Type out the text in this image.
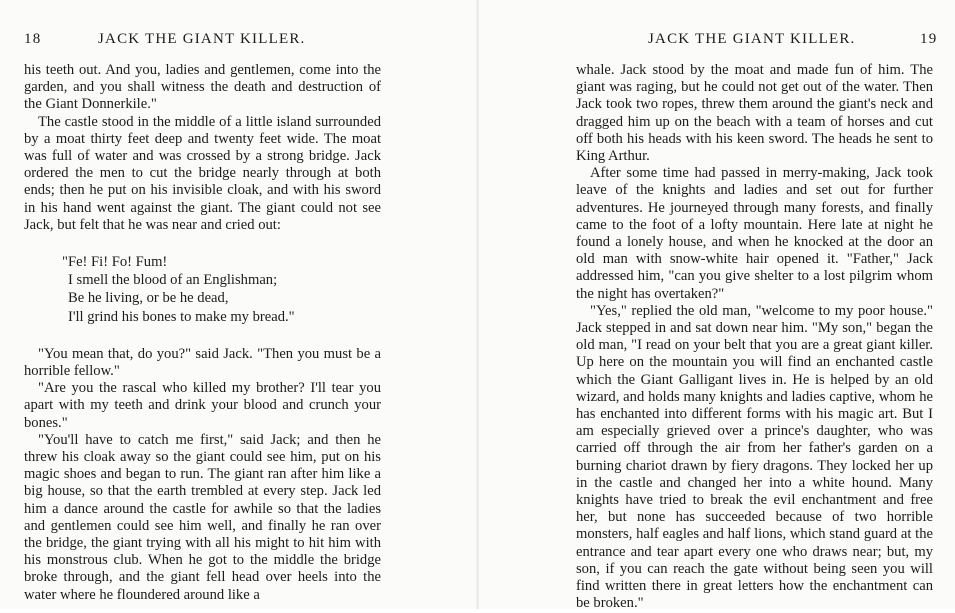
18	JACK THE GIANT KILLER.

his teeth out. And you, ladies and gentlemen, come into the garden, and you shall witness the death and destruction of the Giant Donnerkile."

The castle stood in the middle of a little island surrounded by a moat thirty feet deep and twenty feet wide. The moat was full of water and was crossed by a strong bridge. Jack ordered the men to cut the bridge nearly through at both ends; then he put on his invisible cloak, and with his sword in his hand went against the giant. The giant could not see Jack, but felt that he was near and cried out:

"Fe! Fi! Fo! Fum!
I smell the blood of an Englishman;
Be he living, or be he dead,
I'll grind his bones to make my bread."

"You mean that, do you?" said Jack. "Then you must be a horrible fellow."

"Are you the rascal who killed my brother? I'll tear you apart with my teeth and drink your blood and crunch your bones."

"You'll have to catch me first," said Jack; and then he threw his cloak away so the giant could see him, put on his magic shoes and began to run. The giant ran after him like a big house, so that the earth trembled at every step. Jack led him a dance around the castle for awhile so that the ladies and gentlemen could see him well, and finally he ran over the bridge, the giant trying with all his might to hit him with his monstrous club. When he got to the middle the bridge broke through, and the giant fell head over heels into the water where he floundered around like a

JACK THE GIANT KILLER.	19

whale. Jack stood by the moat and made fun of him. The giant was raging, but he could not get out of the water. Then Jack took two ropes, threw them around the giant's neck and dragged him up on the beach with a team of horses and cut off both his heads with his keen sword. The heads he sent to King Arthur.

After some time had passed in merry-making, Jack took leave of the knights and ladies and set out for further adventures. He journeyed through many forests, and finally came to the foot of a lofty mountain. Here late at night he found a lonely house, and when he knocked at the door an old man with snow-white hair opened it. "Father," Jack addressed him, "can you give shelter to a lost pilgrim whom the night has overtaken?"

"Yes," replied the old man, "welcome to my poor house." Jack stepped in and sat down near him. "My son," began the old man, "I read on your belt that you are a great giant killer. Up here on the mountain you will find an enchanted castle which the Giant Galligant lives in. He is helped by an old wizard, and holds many knights and ladies captive, whom he has enchanted into different forms with his magic art. But I am especially grieved over a prince's daughter, who was carried off through the air from her father's garden on a burning chariot drawn by fiery dragons. They locked her up in the castle and changed her into a white hound. Many knights have tried to break the evil enchantment and free her, but none has succeeded because of two horrible monsters, half eagles and half lions, which stand guard at the entrance and tear apart every one who draws near; but, my son, if you can reach the gate without being seen you will find written there in great letters how the enchantment can be broken."
